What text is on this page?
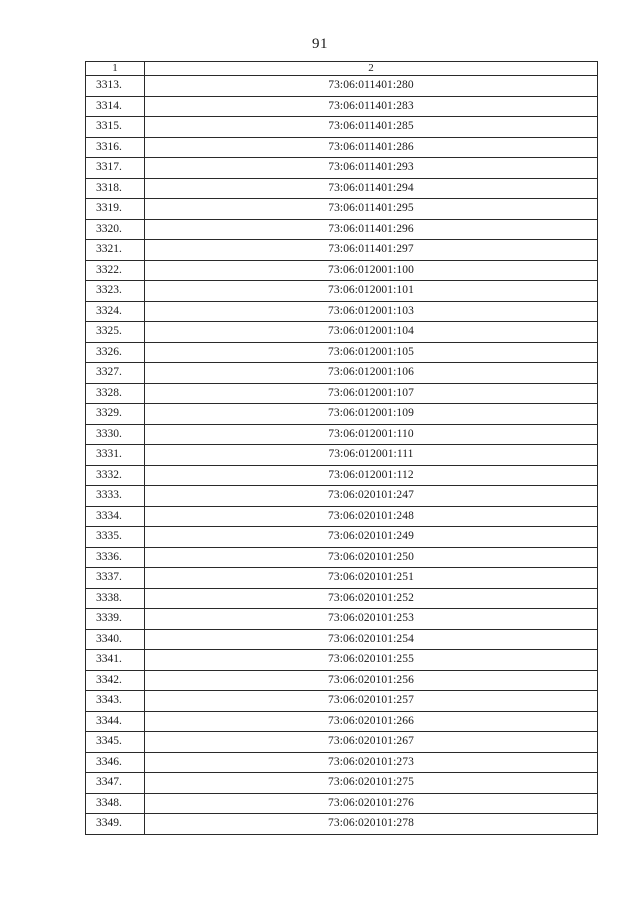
91
1	2
3313.	73:06:011401:280
3314.	73:06:011401:283
3315.	73:06:011401:285
3316.	73:06:011401:286
3317.	73:06:011401:293
3318.	73:06:011401:294
3319.	73:06:011401:295
3320.	73:06:011401:296
3321.	73:06:011401:297
3322.	73:06:012001:100
3323.	73:06:012001:101
3324.	73:06:012001:103
3325.	73:06:012001:104
3326.	73:06:012001:105
3327.	73:06:012001:106
3328.	73:06:012001:107
3329.	73:06:012001:109
3330.	73:06:012001:110
3331.	73:06:012001:111
3332.	73:06:012001:112
3333.	73:06:020101:247
3334.	73:06:020101:248
3335.	73:06:020101:249
3336.	73:06:020101:250
3337.	73:06:020101:251
3338.	73:06:020101:252
3339.	73:06:020101:253
3340.	73:06:020101:254
3341.	73:06:020101:255
3342.	73:06:020101:256
3343.	73:06:020101:257
3344.	73:06:020101:266
3345.	73:06:020101:267
3346.	73:06:020101:273
3347.	73:06:020101:275
3348.	73:06:020101:276
3349.	73:06:020101:278
